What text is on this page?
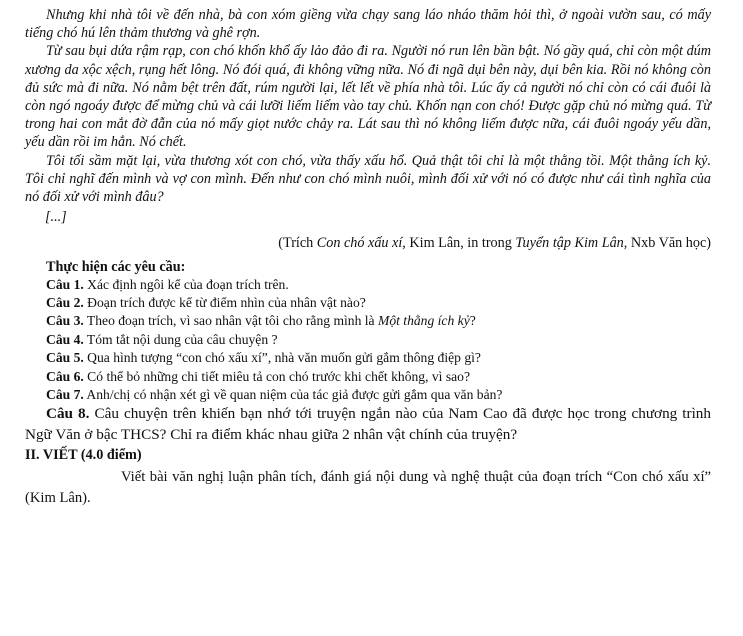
Nhưng khi nhà tôi về đến nhà, bà con xóm giềng vừa chạy sang láo nháo thăm hỏi thì, ở ngoài vườn sau, có mấy tiếng chó hú lên thảm thương và ghê rợn.

Từ sau bụi dứa rậm rạp, con chó khốn khổ ấy lảo đảo đi ra. Người nó run lên bần bật. Nó gầy quá, chỉ còn một dúm xương da xộc xệch, rụng hết lông. Nó đói quá, đi không vững nữa. Nó đi ngã dụi bên này, dụi bên kia. Rồi nó không còn đủ sức mà đi nữa. Nó nằm bệt trên đất, rúm người lại, lết lết về phía nhà tôi. Lúc ấy cả người nó chỉ còn có cái đuôi là còn ngó ngoáy được để mừng chủ và cái lưỡi liếm liếm vào tay chủ. Khốn nạn con chó! Được gặp chủ nó mừng quá. Từ trong hai con mắt đờ đẫn của nó mấy giọt nước chảy ra. Lát sau thì nó không liếm được nữa, cái đuôi ngoáy yếu dần, yếu dần rồi im hẳn. Nó chết.

Tôi tối sầm mặt lại, vừa thương xót con chó, vừa thấy xấu hổ. Quả thật tôi chỉ là một thằng tồi. Một thằng ích kỷ. Tôi chỉ nghĩ đến mình và vợ con mình. Đến như con chó mình nuôi, mình đối xử với nó có được như cái tình nghĩa của nó đối xử với mình đâu?

[...]

(Trích Con chó xấu xí, Kim Lân, in trong Tuyển tập Kim Lân, Nxb Văn học)

Thực hiện các yêu cầu:

Câu 1. Xác định ngôi kể của đoạn trích trên.

Câu 2. Đoạn trích được kể từ điểm nhìn của nhân vật nào?

Câu 3. Theo đoạn trích, vì sao nhân vật tôi cho rằng mình là Một thằng ích kỷ?

Câu 4. Tóm tắt nội dung của câu chuyện ?

Câu 5. Qua hình tượng “con chó xấu xí”, nhà văn muốn gửi gắm thông điệp gì?

Câu 6. Có thể bỏ những chi tiết miêu tả con chó trước khi chết không, vì sao?

Câu 7. Anh/chị có nhận xét gì về quan niệm của tác giả được gửi gắm qua văn bản?

Câu 8. Câu chuyện trên khiến bạn nhớ tới truyện ngắn nào của Nam Cao đã được học trong chương trình Ngữ Văn ở bậc THCS? Chỉ ra điểm khác nhau giữa 2 nhân vật chính của truyện?

II. VIẾT (4.0 điểm)

Viết bài văn nghị luận phân tích, đánh giá nội dung và nghệ thuật của đoạn trích “Con chó xấu xí” (Kim Lân).
